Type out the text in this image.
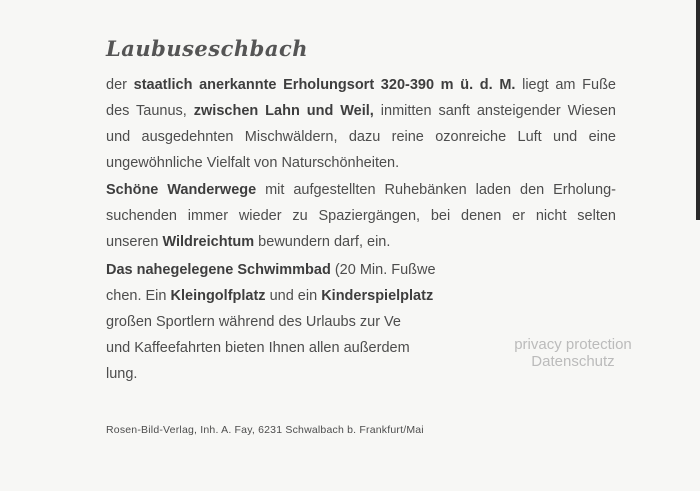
Laubuseschbach
der staatlich anerkannte Erholungsort 320-390 m ü. d. M. liegt am Fuße
des Taunus, zwischen Lahn und Weil, inmitten sanft ansteigender Wiesen
und ausgedehnten Mischwäldern, dazu reine ozonreiche Luft und eine
ungewöhnliche Vielfalt von Naturschönheiten.
Schöne Wanderwege mit aufgestellten Ruhebänken laden den Erholung-
suchenden immer wieder zu Spaziergängen, bei denen er nicht selten
unseren Wildreichtum bewundern darf, ein.
Das nahegelegene Schwimmbad (20 Min. Fußwe
chen. Ein Kleingolfplatz und ein Kinderspielplatz
großen Sportlern während des Urlaubs zur Ve
und Kaffeefahrten bieten Ihnen allen außerdem
lung.
Rosen-Bild-Verlag, Inh. A. Fay, 6231 Schwalbach b. Frankfurt/Mai
privacy protection
Datenschutz
